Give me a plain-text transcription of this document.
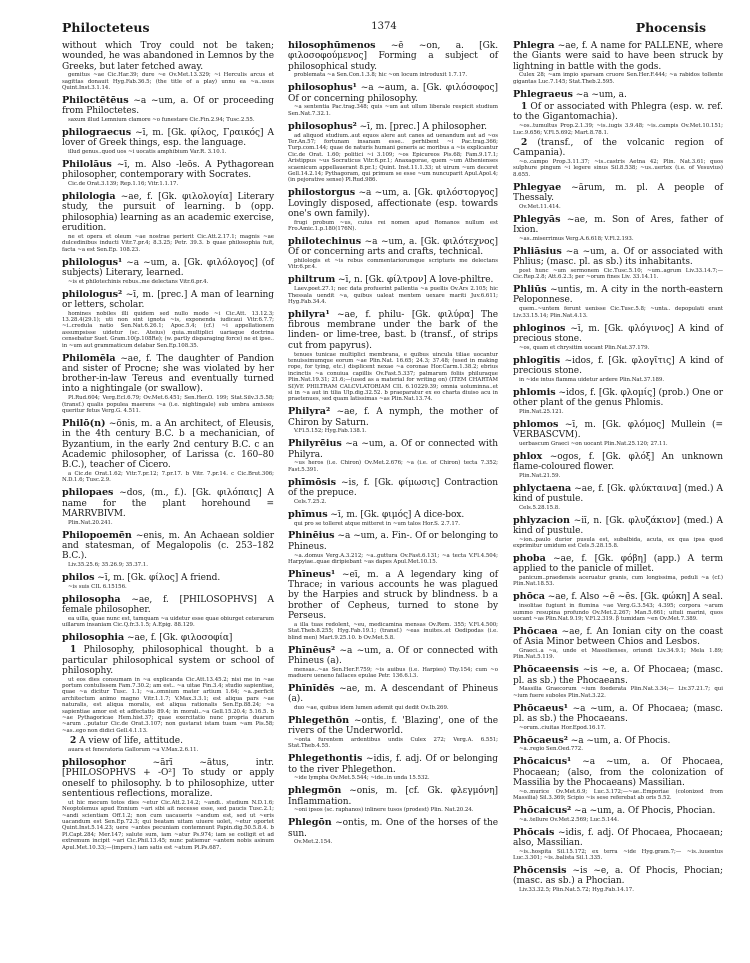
Philocteteus	1374	Phocensis
without which Troy could not be taken; wounded, he was abandoned in Lemnos by the Greeks, but later fetched away.
gemitus ~ae Cic.Har.39; dure ~e Ov.Met.13.329; ~i Herculis arcus et sagittas donauit Hyg.Fab.36.5; (the title of a play) unnu ea ~a..usus Quint.Inst.3.1.14.
Philoctētēus ~a ~um, a. Of or proceeding from Philoctetes.
saxum illud Lemnium clamore ~o funestare Cic.Fin.2.94; Tusc.2.55.
philograecus ~ī, m. [Gk. φίλος, Γραικός] A lover of Greek things, esp. the language.
illud genus..quod uos ~i uocatis amphibium Var.R. 3.10.1.
Philolāus ~ī, m. Also -leōs. A Pythagorean philosopher, contemporary with Socrates.
Cic.de Orat.3.139; Rep.1.16; Vitr.1.1.17.
philologia ~ae, f. [Gk. φιλολογία] Literary study, the pursuit of learning. b (opp. philosophia) learning as an academic exercise, erudition.
ne et opera et oleum ~ae nostrae perierit Cic.Att.2.17.1; magnis ~ae dulcedinibus inducti Vitr.7.pr.4; 8.3.25; Petr. 39.3. b quae philosophia fuit, facta ~a est Sen.Ep. 108.23.
philologus¹ ~a ~um, a. [Gk. φιλόλογος] (of subjects) Literary, learned.
~is et philotechinis rebus..me delectans Vitr.6.pr.4.
philologus² ~ī, m. [prec.] A man of learning or letters, scholar.
homines nobiles illi quidem sed nullo modo ~i Cic.Att. 13.12.3; 13.28.4(29.1); uti non sint ignota ~is, exponenda iudicaui Vitr.6.7.7; ~i..credula natio Sen.Nat.6.26.1; Apoc.5.4; (cf.) ~i appellationem assumpsisse uidetur (sc. Ateius) quia..multiplici uariaque doctrina censebatur Suet. Gram.10(p.108Re); (w. partly disparaging force) ne et ipse.. in ~um aut grammaticum delabar Sen.Ep.108.35.
Philomēla ~ae, f. The daughter of Pandion and sister of Procne; she was violated by her brother-in-law Tereus and eventually turned into a nightingale (or swallow).
Pl.Rud.604; Verg.Ecl.6.79; Ov.Met.6.451; Sen.Her.O. 199; Stat.Silv.3.5.58; (transf.) qualis populea maerens ~a (i.e. nightingale) sub umbra amissos queritur fetus Verg.G. 4.511.
Philō(n) ~ōnis, m. a An architect, of Eleusis, in the 4th century B.C. b a mechanician, of Byzantium, in the early 2nd century B.C. c an Academic philosopher, of Larissa (c. 160–80 B.C.), teacher of Cicero.
a Cic.de Orat.1.62; Vitr.7.pr.12; 7.pr.17. b Vitr. 7.pr.14. c Cic.Brut.306; N.D.1.6; Tusc.2.9.
philopaes ~dos, (m., f.). [Gk. φιλόπαις] A name for the plant horehound = MARRVBIVM.
Plin.Nat.20.241.
Philopoemēn ~enis, m. An Achaean soldier and statesman, of Megalopolis (c. 253–182 B.C.).
Liv.35.25.6; 35.26.9; 35.37.1.
philos ~ī, m. [Gk. φίλος] A friend.
~is suis CIL 6.15156.
philosopha ~ae, f. [PHILOSOPHVS] A female philosopher.
ea uilla, quae nunc est, tamquam ~a uidetur esse quae obiurget ceterarum uillarum insaniam Cic.Q.fr.3.1.5; A.Epig. 88.129.
philosophia ~ae, f. [Gk. φιλοσοφία]
1 Philosophy, philosophical thought. b a particular philosophical system or school of philosophy.
ut eos dies consumam in ~a explicanda Cic.Att.13.45.2; nisi me in ~ae portum contulissem Fam.7.30.2; am est.. ~a uitae Fin.3.4; studio sapientiae, quae ~a dicitur Tusc. 1.1; ~a..omnium mater artium 1.64; ~a..perficit architectum animo magno Vitr.1.1.7; V.Max.3.3.1; est aliqua pars ~ae naturalis, est aliqua moralis, est aliqua rationalis Sen.Ep.88.24; ~a sapientiae amor est et adfectatio 89.4; in morali..~a Gell.15.20.4; 5.16.5. b ~ae Pythagoricae Hem.hist.37; quae exercitatio nunc propria duarum ~arum ..putatur Cic.de Orat.3.107; non gustarat istam tuam ~am Pis.58; ~as..ego non didici Gell.4.1.13.
2 A view of life, attitude.
auara et feneratoria Gallorum ~a V.Max.2.6.11.
philosophor	~ārī ~ātus, intr. [PHILOSOPHVS + -O²] To study or apply oneself to philosophy. b to philosophize, utter sententious reflections, moralize.
ut hic mecum totos dies ~etur Cic.Att.2.14.2; ~andi.. studium N.D.1.6; Neoptolemus apud Ennium ~ari sibi ait necesse esse, sed paucis Tusc.2.1; ~andi scientiam Off.1.2; non cum uacaueris ~andum est, sed ut ~eris uacandum est Sen.Ep.72.3; qui beatam uitam uiuere uolet, ~etur oportet Quint.Inst.5.14.23; uere ~antes pecuniam contemnunt Papin.dig.50.5.8.4. b Pl.Capt.284; Mer.147; salute sum, iam ~atur Ps.974; iam se coiligit et ad extremum incipit ~ari Cic.Phil.13.45; nunc patiemur ~antem nobis asinum Apul.Met.10.33;—(impers.) iam satis est ~atum Pl.Ps.687.
hilosophūmenos ~ē ~on, a. [Gk. φιλοσοφούμενος] Forming a subject of philosophical study.
problemata ~a Sen.Con.1.3.8; hic ~on locum introduxit 1.7.17.
philosophus¹ ~a ~aum, a. [Gk. φιλόσοφος] Of or concerning philosophy.
~a sententia Pac.trag.348; quis ~um aut ullum liberale respicit studium Sen.Nat.7.32.1.
philosophus² ~ī, m. [prec.] A philosopher.
ad aliquod studium..aut equos alere aut canes ad uenandum aut ad ~os Ter.An.57; fortunam insanam esse.. perhibent ~i Pac.trag.366; Turp.com.144; quae de naturis humani generis ac moribus a ~is explicantur Cic.de Orat. 1.60; politici ~i 3.109; ~os Epicureos Pis.68; Fam.9.17.1; Aristippus ~us Socraticus Vitr.6.pr.1; Anaxagorae, quem ~um Athenienses scaenicum appellauerant 8.pr.1; Quint. Inst.11.1.33; ut uirum ~um deceret Gell.14.2.14; Pythagoram, qui primum se esse ~um nuncuparit Apul.Apol.4; (in pejorative sense) Pl.Rud.986.
philostorgus ~a ~um, a. [Gk. φιλόστοργος] Lovingly disposed, affectionate (esp. towards one's own family).
frugi probum ~us, cuius rei nomen apud Romanos nullum est Fro.Amic.1.p.180(176N).
philotechinus ~a ~um, a. [Gk. φιλότεχνος] Of or concerning arts and crafts, technical.
philologis et ~is rebus commentariorumque scripturis me delectans Vitr.6.pr.4.
philtrum ~ī, n. [Gk. φίλτρον] A love-philtre.
Laev.poet.27.1; nec data profuerint pallentia ~a puellis Ov.Ars 2.105; hic Thessala uendit ~a, quibus ualeat mentem uexare mariti Juv.6.611; Hyg.Fab.34.4.
philyra¹ ~ae, f. philu- [Gk. φιλύρα] The fibrous membrane under the bark of the linden- or lime-tree, bast. b (transf., of strips cut from papyrus).
tenues tunicae multiplici membrana, e quibus uincula tiliae uocantur tenuissimumque eorum ~ae Plin.Nat. 16.65; 24.3; 37.48; (used in making rope, for tying, etc.) displicent nexae ~a coronae Hor.Carm.1.38.2; ebrius incinctis ~a conuiua capillis Ov.Fast.5.337; palmarum foliis philuraque Plin.Nat.19.31; 21.6;—(used as a material for writing on) (ITEM CHARTAM SI)VE PHILTRAM CALCVLATORIAM CIL 6.10229.39; omnia uoluminna..et si in ~a aut in tilia Ulp.dig.32.52. b praeparatur ex eo charta diuiso acu in praetenues, sed quam latissimas ~as Plin.Nat.13.74.
Philyra² ~ae, f. A nymph, the mother of Chiron by Saturn.
V.Fl.5.152; Hyg.Fab.138.1.
Philyrēius ~a ~um, a. Of or connected with Philyra.
~us heros (i.e. Chiron) Ov.Met.2.676; ~a (i.e. of Chiron) tecta 7.352; Fast.5.391.
phīmōsis ~is, f. [Gk. φίμωσις] Contraction of the prepuce.
Cels.7.25.2.
phīmus ~ī, m. [Gk. φιμός] A dice-box.
qui pro se tolleret atque mitteret in ~um talos Hor.S. 2.7.17.
Phinēius ~a ~um, a. Fin-. Of or belonging to Phineus.
~a..domus Verg.A.3.212; ~a..guttura Ov.Fast.6.131; ~a tecta V.Fl.4.504; Harpyiae..quae diripiebant ~as dapes Apul.Met.10.15.
Phīneus¹ ~eī, m. a A legendary king of Thrace; in various accounts he was plagued by the Harpies and struck by blindness. b a brother of Cepheus, turned to stone by Perseus.
a illa tuas redolent, ~eu, medicamina mensas Ov.Rem. 355; V.Fl.4.500; Stat.Theb.8.255; Hyg.Fab.19.1; (transf.) ~eas inuites..et Oedipodas (i.e. blind men) Mart.9.25.10. b Ov.Met.5.8.
Phīnēus² ~a ~um, a. Of or connected with Phineus (a).
mensas..~as Sen.Her.F.759; ~is auibus (i.e. Harpies) Thy.154; cum ~o maduere ueneno fallaces epulae Petr. 136.6.l.3.
Phīnīdēs ~ae, m. A descendant of Phineus (a).
duo ~ae, quibus idem lumen ademit qui dedit Ov.Ib.269.
Phlegethōn ~ontis, f. 'Blazing', one of the rivers of the Underworld.
~onta furentem ardentibus undis Culex 272; Verg.A. 6.551; Stat.Theb.4.55.
Phlegethontis ~idis, f. adj. Of or belonging to the river Phlegethon.
~ide lympha Ov.Met.5.544; ~ide..in unda 15.532.
phlegmōn ~onis, m. [cf. Gk. φλεγμόνη] Inflammation.
~oni ipsos (sc. raphanos) inlinere tusos (prodest) Plin. Nat.20.24.
Phlegōn ~ontis, m. One of the horses of the sun.
Ov.Met.2.154.
Phlegra ~ae, f. A name for PALLENE, where the Giants were said to have been struck by lightning in battle with the gods.
Culex 28; ~am impio sparsam cruore Sen.Her.F.444; ~a rabidos tollente gigantas Luc.7.145; Stat.Theb.2.595.
Phlegraeus ~a ~um, a.
1 Of or associated with Phlegra (esp. w. ref. to the Gigantomachia).
~os..tumultus Prop.2.1.39; ~is..iugis 3.9.48; ~is..campis Ov.Met.10.151; Luc.9.656; V.Fl.5.692; Mart.8.78.1.
2 (transf., of the volcanic region of Campania).
~o..campo Prop.3.11.37; ~is..castris Aetna 42; Plin. Nat.3.61; quos sulphure pingum ~i legere sinus Sil.8.538; ~us..uertex (i.e. of Vesuvius) 8.655.
Phlegyae ~ārum, m. pl. A people of Thessaly.
Ov.Met.11.414.
Phlegyās ~ae, m. Son of Ares, father of Ixion.
~as..miserrimus Verg.A.6.618; V.Fl.2.193.
Phliāsius ~a ~um, a. Of or associated with Phlius; (masc. pl. as sb.) its inhabitants.
post hunc ~um sermonem Cic.Tusc.5.10; ~um..agrum Liv.33.14.7;—Cic.Rep.2.8; Att.6.2.3; per ~orum fines Liv. 33.14.11.
Phliūs ~untis, m. A city in the north-eastern Peloponnese.
quem..~untem ferunt uenisse Cic.Tusc.5.8; ~unta.. depopulati erant Liv.33.15.14; Plin.Nat.4.13.
phloginos ~ī, m. [Gk. φλόγινος] A kind of precious stone.
~os, quam et chrysitim uocant Plin.Nat.37.179.
phlogītis ~idos, f. [Gk. φλογῖτις] A kind of precious stone.
in ~ide intus flamma uidetur ardere Plin.Nat.37.189.
phlomis ~idos, f. [Gk. φλομίς] (prob.) One or other plant of the genus Phlomis.
Plin.Nat.25.121.
phlomos ~ī, m. [Gk. φλόμος] Mullein (= VERBASCVM).
uerbascum Graeci ~on uocant Plin.Nat.25.120; 27.11.
phlox ~ogos, f. [Gk. φλόξ] An unknown flame-coloured flower.
Plin.Nat.21.59.
phlyctaena ~ae, f. [Gk. φλύκταινα] (med.) A kind of pustule.
Cels.5.28.15.8.
phlyzacion ~iī, n. [Gk. φλυζάκιον] (med.) A kind of pustule.
~ion..paulo durior pusula est, subalbida, acuta, ex qua ipsa quod exprimitur umidum est Cels.5.28.15.8.
phoba ~ae, f. [Gk. φόβη] (app.) A term applied to the panicle of millet.
panicum..praedensis aceruatur granis, cum longissima, peduli ~a (cf.) Plin.Nat.18.53.
phōca ~ae, f. Also ~ē ~ēs. [Gk. φώκη] A seal.
insolitae fugiunt in flumina ~ae Verg.G.3.543; 4.395; corpora ~arum summo resupina profundo Ov.Met.2.267; Man.5.661; uituli marini, quos uocant ~as Plin.Nat.9.19; V.Fl.2.319. β tumidam ~en Ov.Met.7.389.
Phōcaea ~ae, f. An Ionian city on the coast of Asia Minor between Chios and Lesbos.
Graeci..a ~a, unde et Massilienses, oriundi Liv.34.9.1; Mela 1.89; Plin.Nat.5.119.
Phōcaeensis ~is ~e, a. Of Phocaea; (masc. pl. as sb.) the Phocaeans.
Massilia Graecorum ~ium foederata Plin.Nat.3.34;— Liv.37.21.7; qui ~ium fuere suboles Plin.Nat.3.22.
Phōcaeus¹ ~a ~um, a. Of Phocaea; (masc. pl. as sb.) the Phocaeans.
~orum..ciuitas Hor.Epod.16.17.
Phōcaeus² ~a ~um, a. Of Phocis.
~a..regio Sen.Oed.772.
Phōcaicus¹ ~a ~um, a. Of Phocaea, Phocaean; (also, from the colonization of Massilia by the Phocaeans) Massilian.
~o..murice Ov.Met.6.9; Luc.3.172;—~ae..Emporiae (colonized from Massilia) Sil.3.369; Scipio ~is sese referebat ab oris 5.52.
Phōcaicus² ~a ~um, a. Of Phocis, Phocian.
~a..tellure Ov.Met.2.569; Luc.5.144.
Phōcais ~idis, f. adj. Of Phocaea, Phocaean; also, Massilian.
~is..hospita Sil.15.172; ex terra ~ide Hyg.gram.7;— ~is..iuuentus Luc.3.301; ~is..balista Sil.1.335.
Phōcensis ~is ~e, a. Of Phocis, Phocian; (masc. as sb.) a Phocian.
Liv.33.32.5; Plin.Nat.5.72; Hyg.Fab.14.17.
